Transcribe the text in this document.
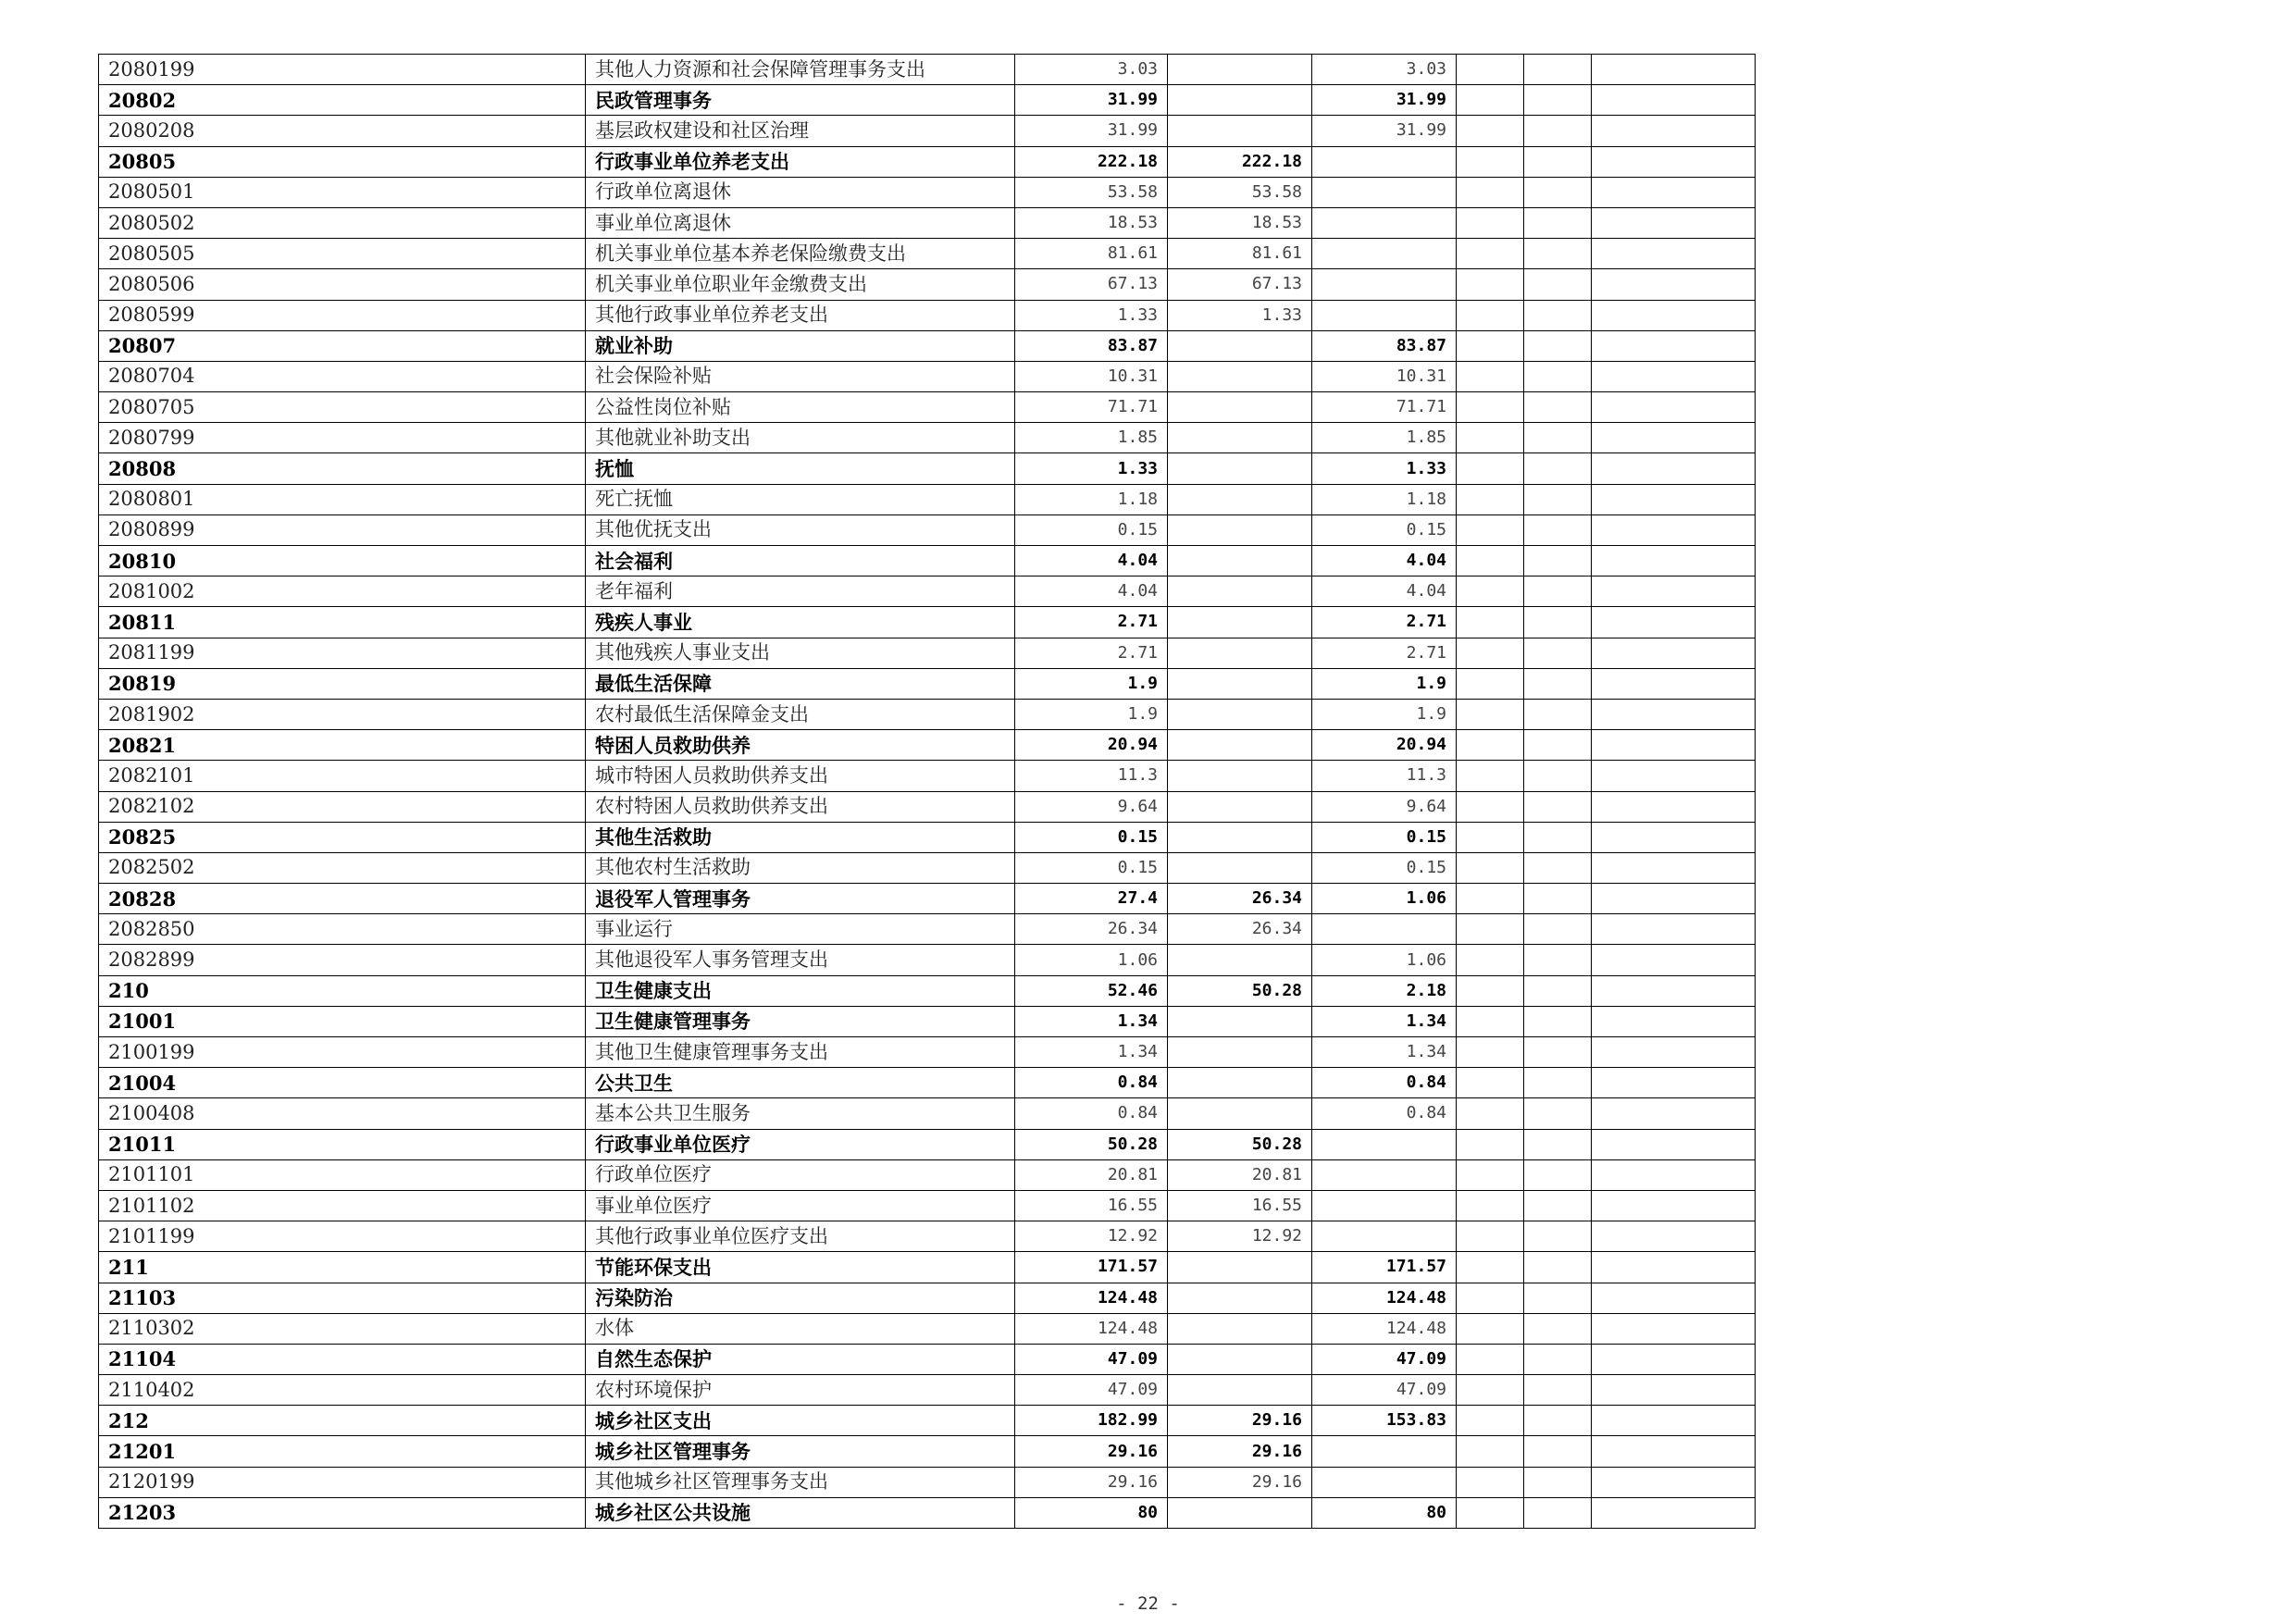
2080199	其他人力资源和社会保障管理事务支出	3.03		3.03			
20802	民政管理事务	31.99		31.99			
2080208	基层政权建设和社区治理	31.99		31.99			
20805	行政事业单位养老支出	222.18	222.18				
2080501	行政单位离退休	53.58	53.58				
2080502	事业单位离退休	18.53	18.53				
2080505	机关事业单位基本养老保险缴费支出	81.61	81.61				
2080506	机关事业单位职业年金缴费支出	67.13	67.13				
2080599	其他行政事业单位养老支出	1.33	1.33				
20807	就业补助	83.87		83.87			
2080704	社会保险补贴	10.31		10.31			
2080705	公益性岗位补贴	71.71		71.71			
2080799	其他就业补助支出	1.85		1.85			
20808	抚恤	1.33		1.33			
2080801	死亡抚恤	1.18		1.18			
2080899	其他优抚支出	0.15		0.15			
20810	社会福利	4.04		4.04			
2081002	老年福利	4.04		4.04			
20811	残疾人事业	2.71		2.71			
2081199	其他残疾人事业支出	2.71		2.71			
20819	最低生活保障	1.9		1.9			
2081902	农村最低生活保障金支出	1.9		1.9			
20821	特困人员救助供养	20.94		20.94			
2082101	城市特困人员救助供养支出	11.3		11.3			
2082102	农村特困人员救助供养支出	9.64		9.64			
20825	其他生活救助	0.15		0.15			
2082502	其他农村生活救助	0.15		0.15			
20828	退役军人管理事务	27.4	26.34	1.06			
2082850	事业运行	26.34	26.34				
2082899	其他退役军人事务管理支出	1.06		1.06			
210	卫生健康支出	52.46	50.28	2.18			
21001	卫生健康管理事务	1.34		1.34			
2100199	其他卫生健康管理事务支出	1.34		1.34			
21004	公共卫生	0.84		0.84			
2100408	基本公共卫生服务	0.84		0.84			
21011	行政事业单位医疗	50.28	50.28				
2101101	行政单位医疗	20.81	20.81				
2101102	事业单位医疗	16.55	16.55				
2101199	其他行政事业单位医疗支出	12.92	12.92				
211	节能环保支出	171.57		171.57			
21103	污染防治	124.48		124.48			
2110302	水体	124.48		124.48			
21104	自然生态保护	47.09		47.09			
2110402	农村环境保护	47.09		47.09			
212	城乡社区支出	182.99	29.16	153.83			
21201	城乡社区管理事务	29.16	29.16				
2120199	其他城乡社区管理事务支出	29.16	29.16				
21203	城乡社区公共设施	80		80			
- 22 -
